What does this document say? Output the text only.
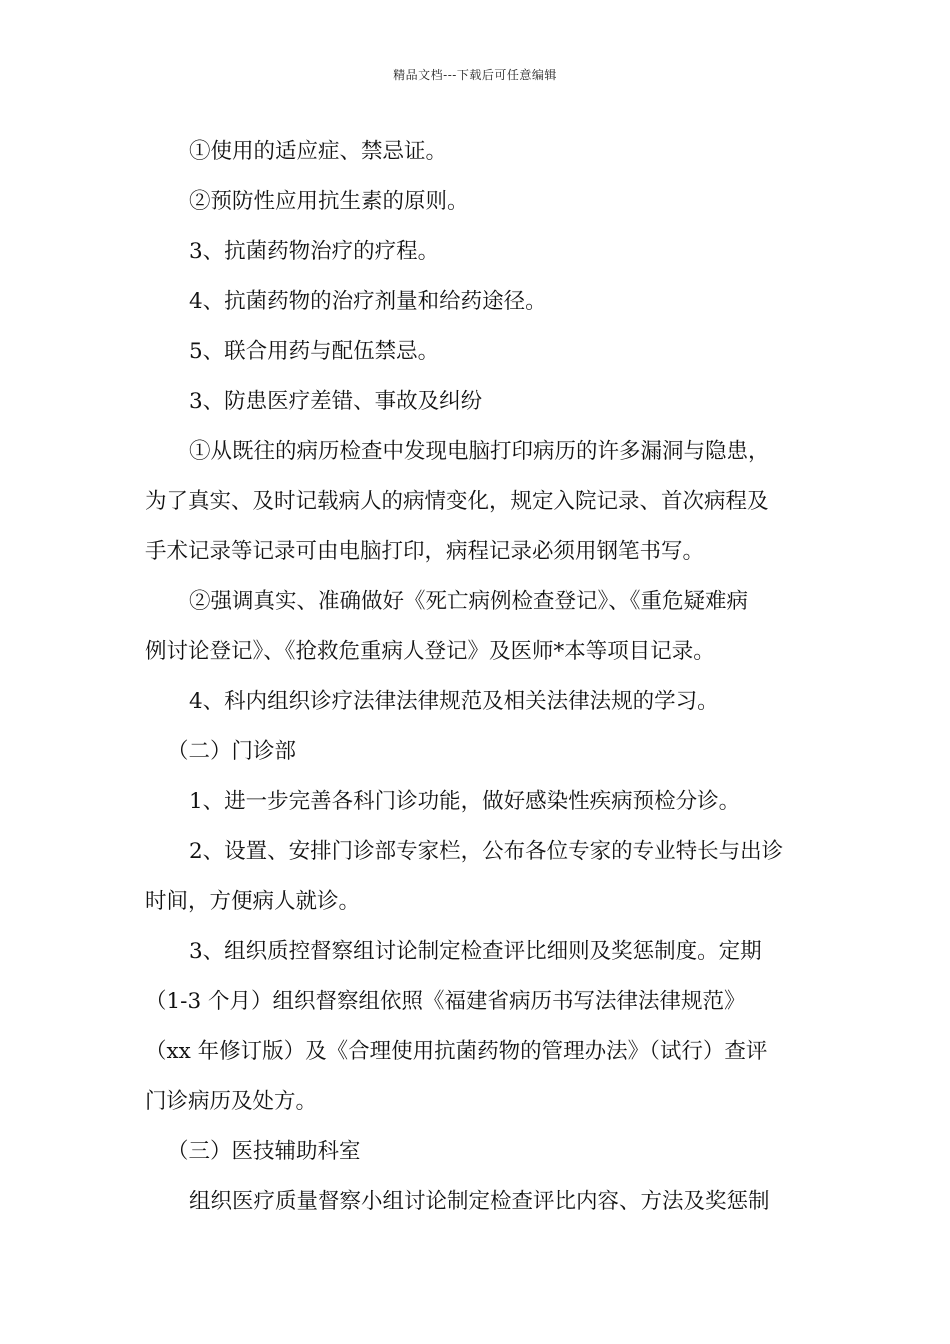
精品文档---下载后可任意编辑
①使用的适应症、禁忌证。
②预防性应用抗生素的原则。
3、抗菌药物治疗的疗程。
4、抗菌药物的治疗剂量和给药途径。
5、联合用药与配伍禁忌。
3、防患医疗差错、事故及纠纷
①从既往的病历检查中发现电脑打印病历的许多漏洞与隐患，
为了真实、及时记载病人的病情变化，规定入院记录、首次病程及
手术记录等记录可由电脑打印，病程记录必须用钢笔书写。
②强调真实、准确做好《死亡病例检查登记》、《重危疑难病
例讨论登记》、《抢救危重病人登记》及医师*本等项目记录。
4、科内组织诊疗法律法律规范及相关法律法规的学习。
（二）门诊部
1、进一步完善各科门诊功能，做好感染性疾病预检分诊。
2、设置、安排门诊部专家栏，公布各位专家的专业特长与出诊
时间，方便病人就诊。
3、组织质控督察组讨论制定检查评比细则及奖惩制度。定期
（1-3 个月）组织督察组依照《福建省病历书写法律法律规范》
（xx 年修订版）及《合理使用抗菌药物的管理办法》（试行）查评
门诊病历及处方。
（三）医技辅助科室
组织医疗质量督察小组讨论制定检查评比内容、方法及奖惩制
